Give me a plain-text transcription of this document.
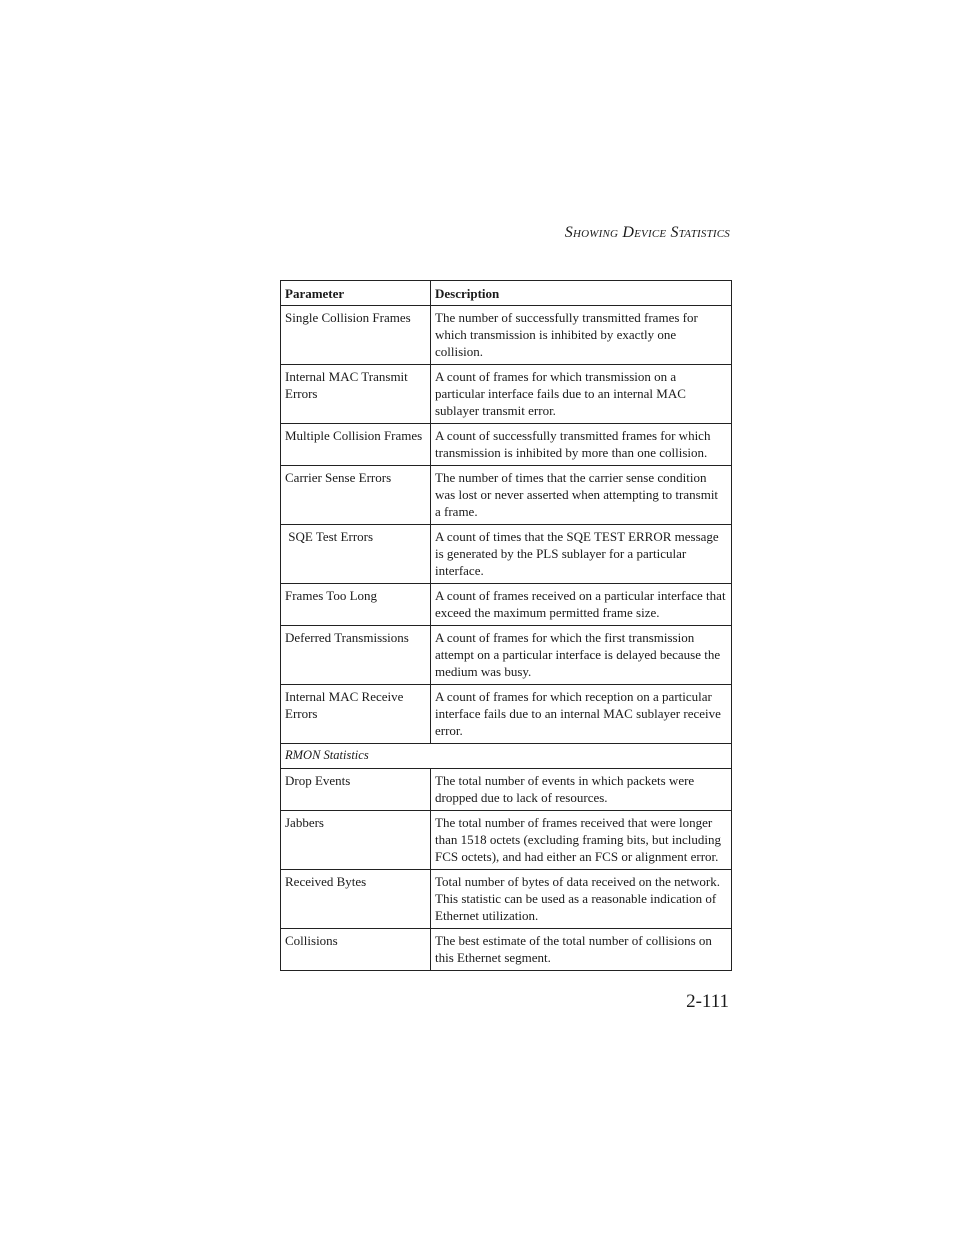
Showing Device Statistics
Parameter	Description
Single Collision Frames	The number of successfully transmitted frames for which transmission is inhibited by exactly one collision.
Internal MAC Transmit Errors	A count of frames for which transmission on a particular interface fails due to an internal MAC sublayer transmit error.
Multiple Collision Frames	A count of successfully transmitted frames for which transmission is inhibited by more than one collision.
Carrier Sense Errors	The number of times that the carrier sense condition was lost or never asserted when attempting to transmit a frame.
SQE Test Errors	A count of times that the SQE TEST ERROR message is generated by the PLS sublayer for a particular interface.
Frames Too Long	A count of frames received on a particular interface that exceed the maximum permitted frame size.
Deferred Transmissions	A count of frames for which the first transmission attempt on a particular interface is delayed because the medium was busy.
Internal MAC Receive Errors	A count of frames for which reception on a particular interface fails due to an internal MAC sublayer receive error.
RMON Statistics	
Drop Events	The total number of events in which packets were dropped due to lack of resources.
Jabbers	The total number of frames received that were longer than 1518 octets (excluding framing bits, but including FCS octets), and had either an FCS or alignment error.
Received Bytes	Total number of bytes of data received on the network. This statistic can be used as a reasonable indication of Ethernet utilization.
Collisions	The best estimate of the total number of collisions on this Ethernet segment.
2-111
